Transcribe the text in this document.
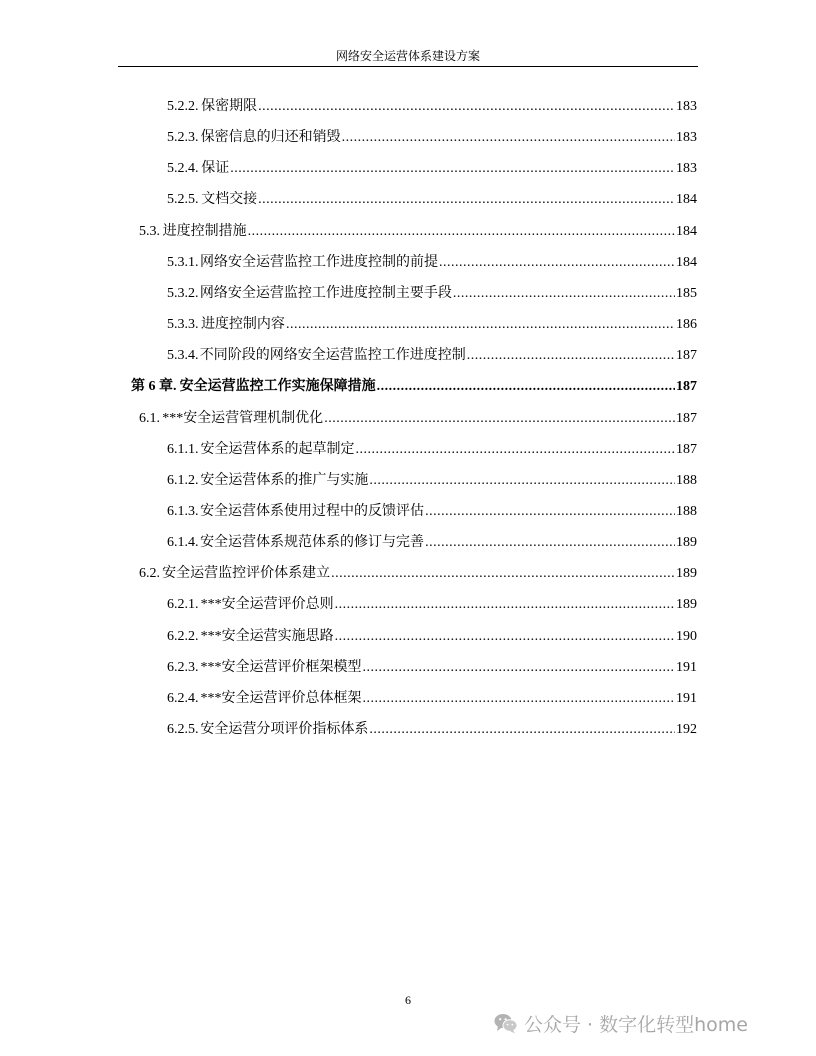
网络安全运营体系建设方案
5.2.2. 保密期限 .....	183
5.2.3. 保密信息的归还和销毁 .....	183
5.2.4. 保证 .....	183
5.2.5. 文档交接 .....	184
5.3. 进度控制措施 .....	184
5.3.1. 网络安全运营监控工作进度控制的前提 .....	184
5.3.2. 网络安全运营监控工作进度控制主要手段 .....	185
5.3.3. 进度控制内容 .....	186
5.3.4. 不同阶段的网络安全运营监控工作进度控制 .....	187
第 6 章. 安全运营监控工作实施保障措施 .....	187
6.1. ***安全运营管理机制优化 .....	187
6.1.1. 安全运营体系的起草制定 .....	187
6.1.2. 安全运营体系的推广与实施 .....	188
6.1.3. 安全运营体系使用过程中的反馈评估 .....	188
6.1.4. 安全运营体系规范体系的修订与完善 .....	189
6.2. 安全运营监控评价体系建立 .....	189
6.2.1. ***安全运营评价总则 .....	189
6.2.2. ***安全运营实施思路 .....	190
6.2.3. ***安全运营评价框架模型 .....	191
6.2.4. ***安全运营评价总体框架 .....	191
6.2.5. 安全运营分项评价指标体系 .....	192
6
公众号 · 数字化转型home
